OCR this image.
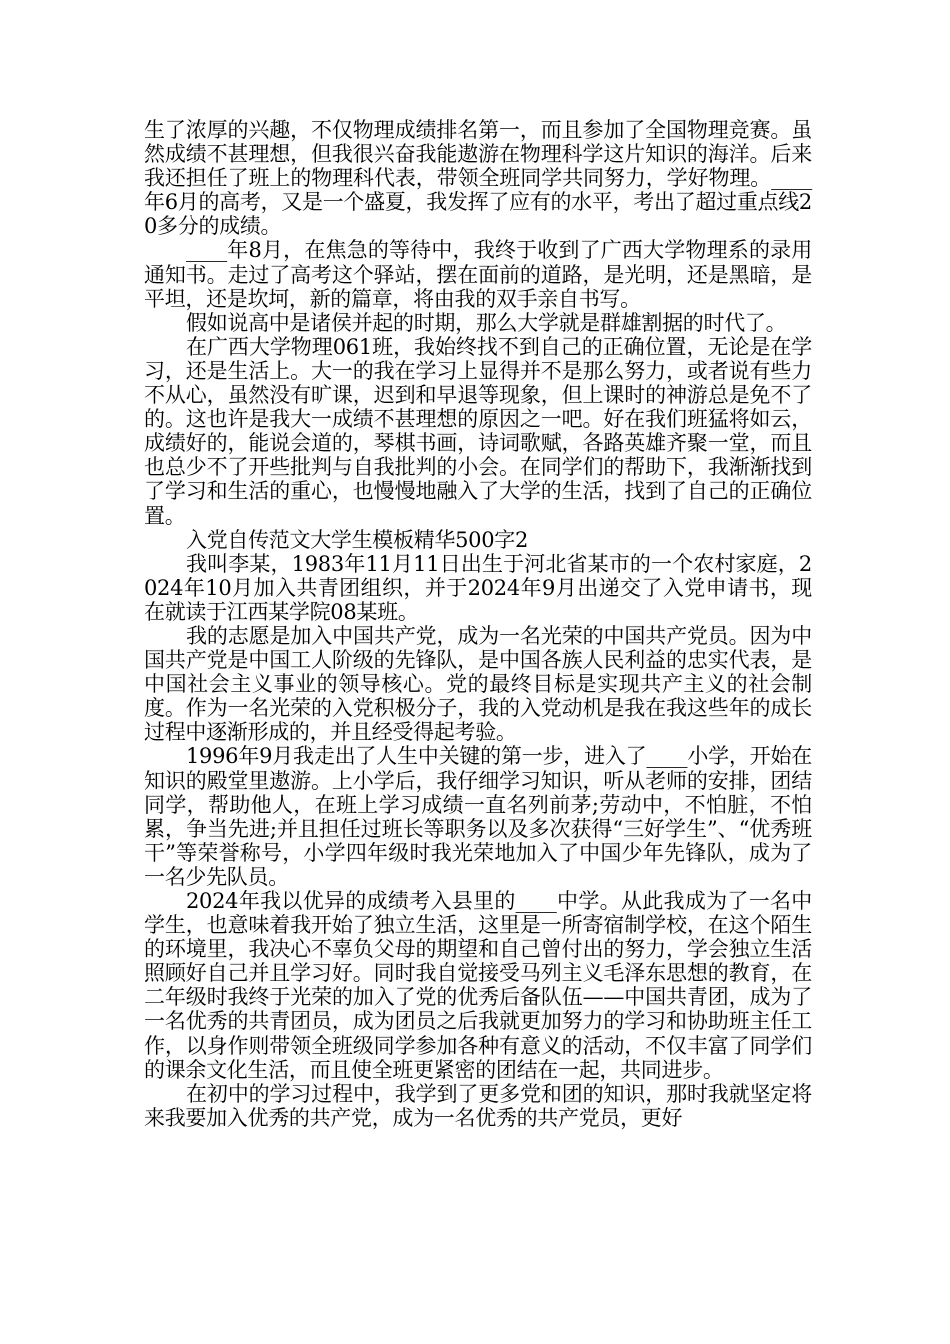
生了浓厚的兴趣，不仅物理成绩排名第一，而且参加了全国物理竞赛。虽然成绩不甚理想，但我很兴奋我能遨游在物理科学这片知识的海洋。后来我还担任了班上的物理科代表，带领全班同学共同努力，学好物理。____年6月的高考，又是一个盛夏，我发挥了应有的水平，考出了超过重点线20多分的成绩。

____年8月，在焦急的等待中，我终于收到了广西大学物理系的录用通知书。走过了高考这个驿站，摆在面前的道路，是光明，还是黑暗，是平坦，还是坎坷，新的篇章，将由我的双手亲自书写。

假如说高中是诸侯并起的时期，那么大学就是群雄割据的时代了。

在广西大学物理061班，我始终找不到自己的正确位置，无论是在学习，还是生活上。大一的我在学习上显得并不是那么努力，或者说有些力不从心，虽然没有旷课，迟到和早退等现象，但上课时的神游总是免不了的。这也许是我大一成绩不甚理想的原因之一吧。好在我们班猛将如云，成绩好的，能说会道的，琴棋书画，诗词歌赋，各路英雄齐聚一堂，而且也总少不了开些批判与自我批判的小会。在同学们的帮助下，我渐渐找到了学习和生活的重心，也慢慢地融入了大学的生活，找到了自己的正确位置。

入党自传范文大学生模板精华500字2

我叫李某，1983年11月11日出生于河北省某市的一个农村家庭，2024年10月加入共青团组织，并于2024年9月出递交了入党申请书，现在就读于江西某学院08某班。

我的志愿是加入中国共产党，成为一名光荣的中国共产党员。因为中国共产党是中国工人阶级的先锋队，是中国各族人民利益的忠实代表，是中国社会主义事业的领导核心。党的最终目标是实现共产主义的社会制度。作为一名光荣的入党积极分子，我的入党动机是我在我这些年的成长过程中逐渐形成的，并且经受得起考验。

1996年9月我走出了人生中关键的第一步，进入了____小学，开始在知识的殿堂里遨游。上小学后，我仔细学习知识，听从老师的安排，团结同学，帮助他人，在班上学习成绩一直名列前茅;劳动中，不怕脏，不怕累，争当先进;并且担任过班长等职务以及多次获得“三好学生”、“优秀班干”等荣誉称号，小学四年级时我光荣地加入了中国少年先锋队，成为了一名少先队员。

2024年我以优异的成绩考入县里的____中学。从此我成为了一名中学生，也意味着我开始了独立生活，这里是一所寄宿制学校，在这个陌生的环境里，我决心不辜负父母的期望和自己曾付出的努力，学会独立生活照顾好自己并且学习好。同时我自觉接受马列主义毛泽东思想的教育，在二年级时我终于光荣的加入了党的优秀后备队伍——中国共青团，成为了一名优秀的共青团员，成为团员之后我就更加努力的学习和协助班主任工作，以身作则带领全班级同学参加各种有意义的活动，不仅丰富了同学们的课余文化生活，而且使全班更紧密的团结在一起，共同进步。

在初中的学习过程中，我学到了更多党和团的知识，那时我就坚定将来我要加入优秀的共产党，成为一名优秀的共产党员，更好
